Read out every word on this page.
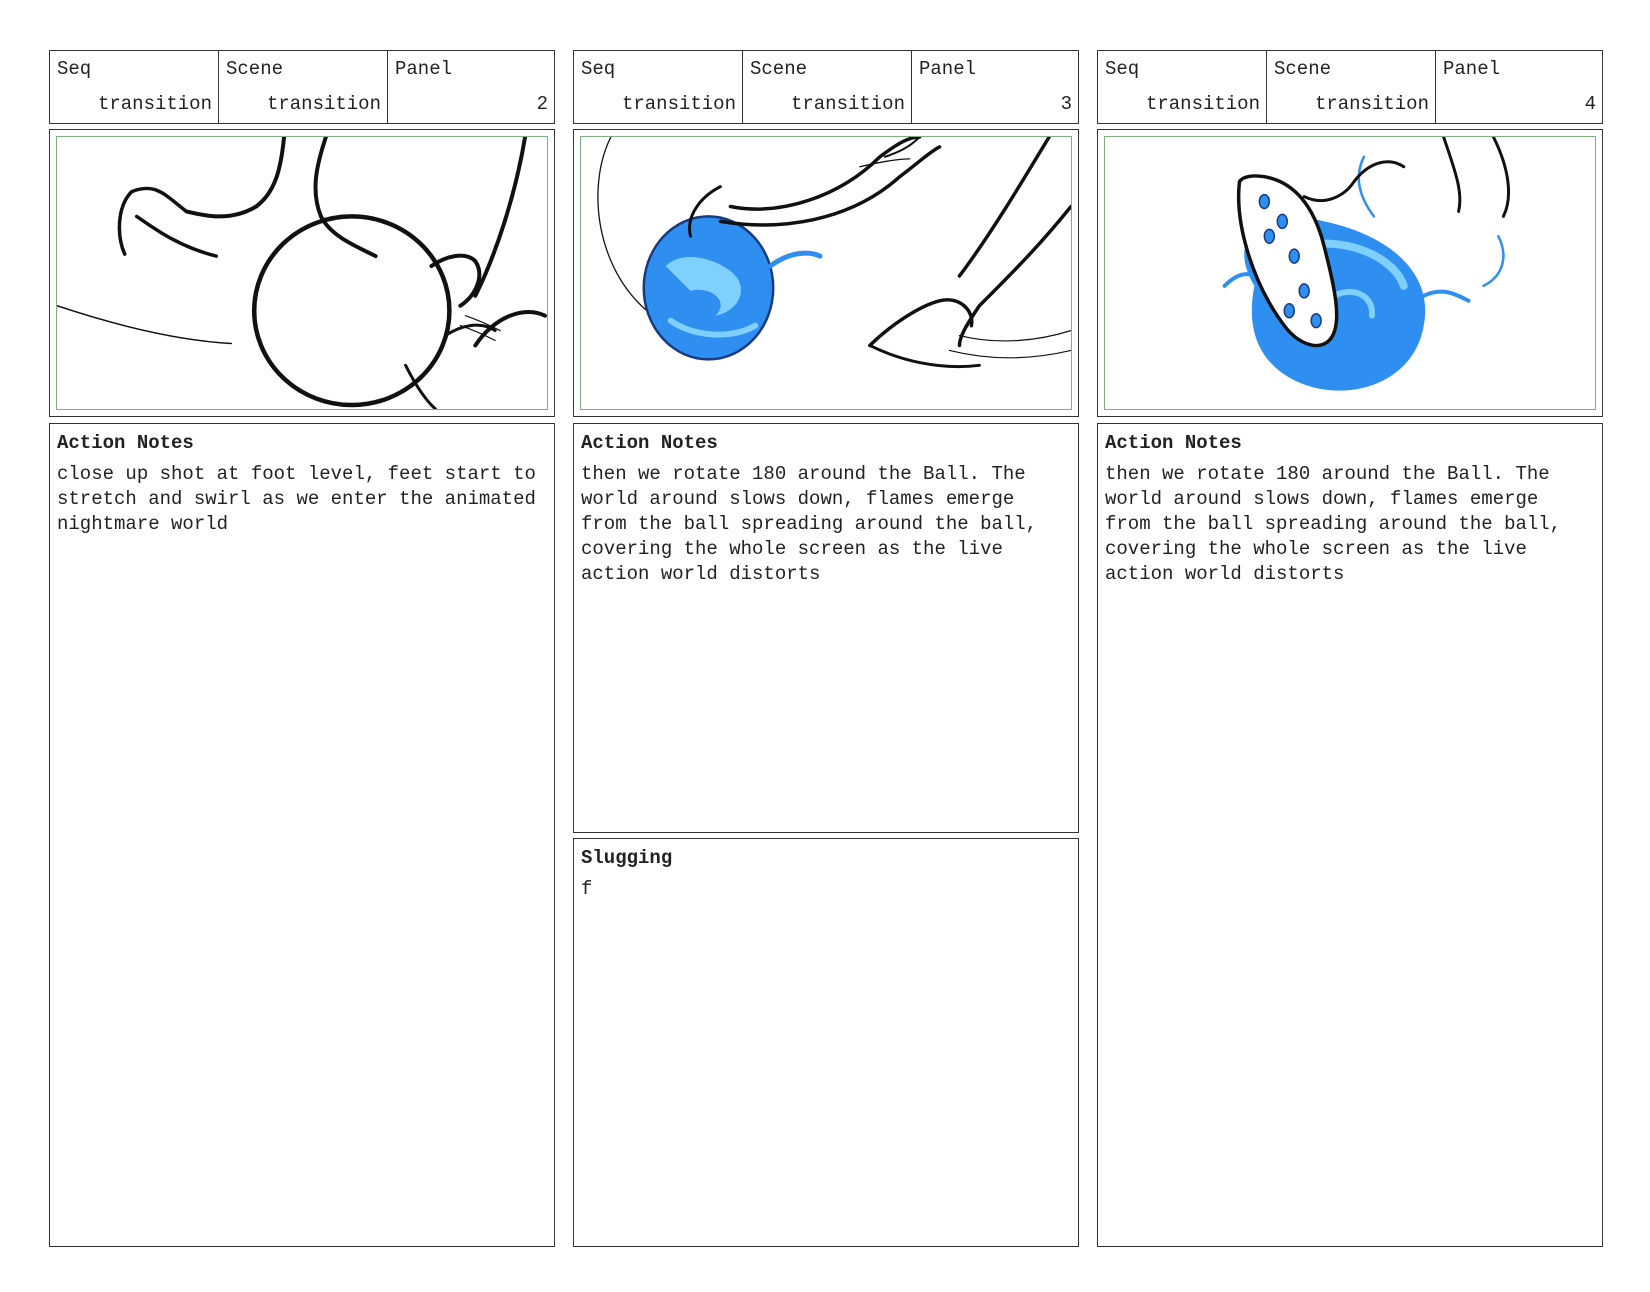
Seq
transition
Scene
transition
Panel
2
Action Notes
close up shot at foot level, feet start to stretch and swirl as we enter the animated nightmare world
Seq
transition
Scene
transition
Panel
3
Action Notes
then we rotate 180 around the Ball. The world around slows down, flames emerge from the ball spreading around the ball, covering the whole screen as the live action world distorts
Slugging
f
Seq
transition
Scene
transition
Panel
4
Action Notes
then we rotate 180 around the Ball. The world around slows down, flames emerge from the ball spreading around the ball, covering the whole screen as the live action world distorts
